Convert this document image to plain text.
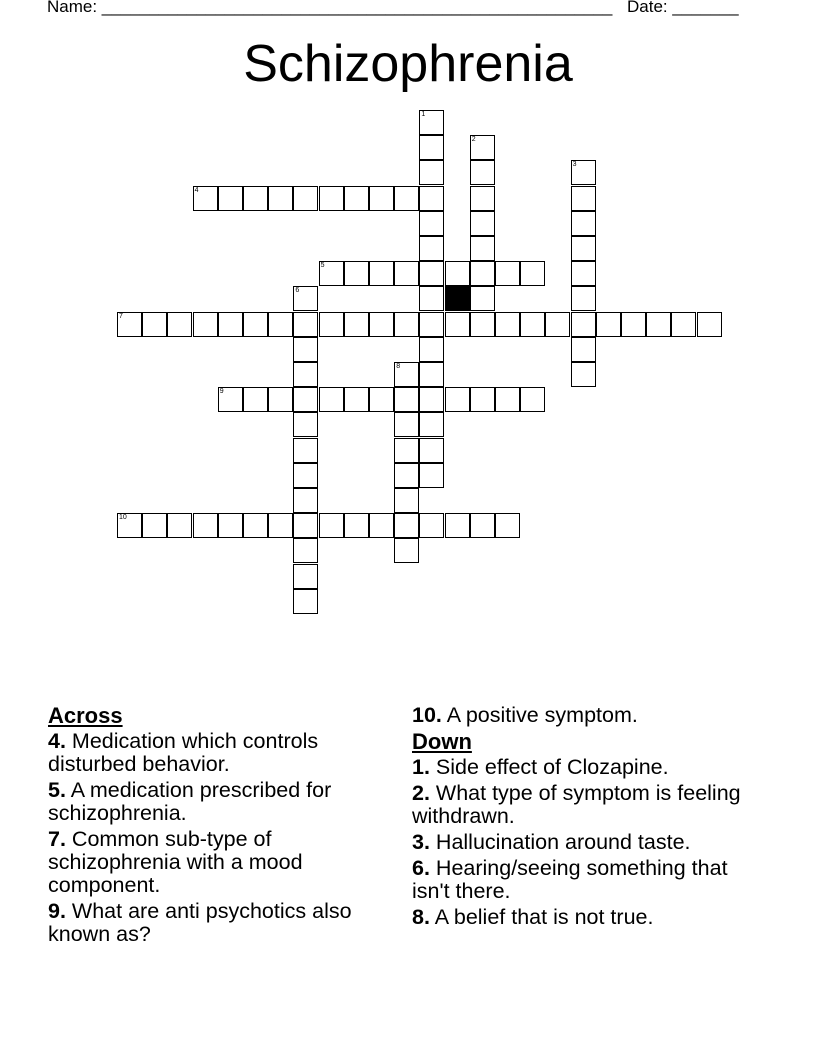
Name: ______________________________________________________ Date: _______
Schizophrenia
1
2
3
4
5
6
7
8
9
10
Across
4. Medication which controls disturbed behavior.
5. A medication prescribed for schizophrenia.
7. Common sub-type of schizophrenia with a mood component.
9. What are anti psychotics also known as?
10. A positive symptom.
Down
1. Side effect of Clozapine.
2. What type of symptom is feeling withdrawn.
3. Hallucination around taste.
6. Hearing/seeing something that isn't there.
8. A belief that is not true.
